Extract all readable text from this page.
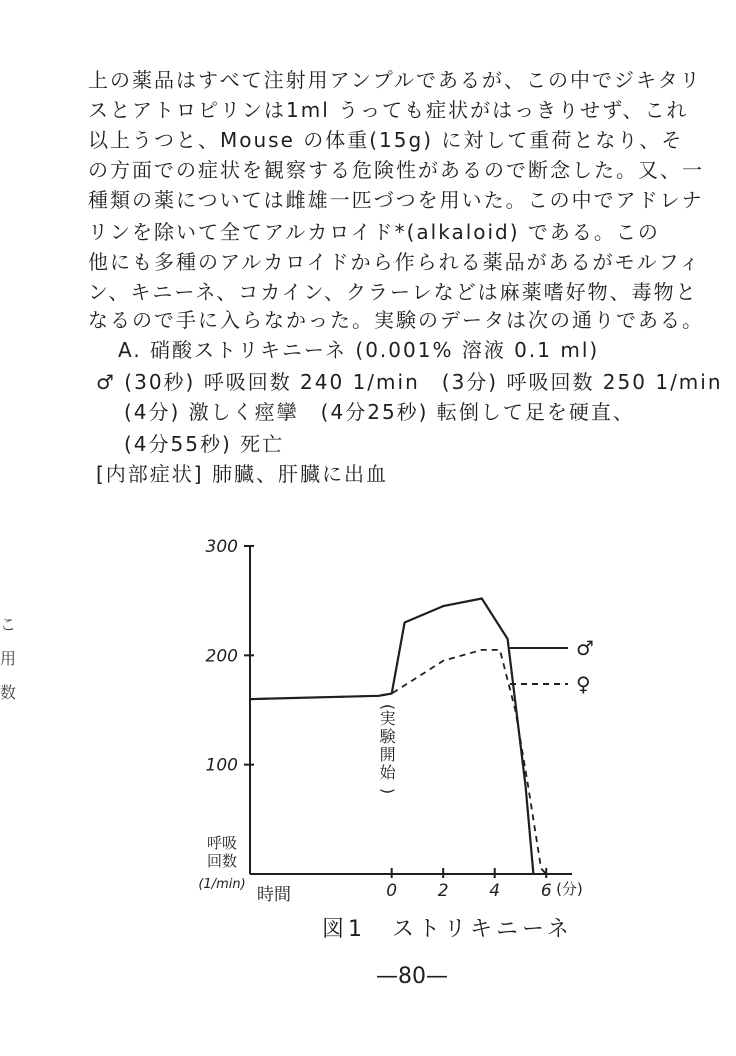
上の薬品はすべて注射用アンプルであるが、この中でジキタリ
スとアトロピリンは1ml うっても症状がはっきりせず、これ
以上うつと、Mouse の体重(15g) に対して重荷となり、そ
の方面での症状を観察する危険性があるので断念した。又、一
種類の薬については雌雄一匹づつを用いた。この中でアドレナ
リンを除いて全てアルカロイド*(alkaloid) である。この
他にも多種のアルカロイドから作られる薬品があるがモルフィ
ン、キニーネ、コカイン、クラーレなどは麻薬嗜好物、毒物と
なるので手に入らなかった。実験のデータは次の通りである。
A. 硝酸ストリキニーネ (0.001% 溶液 0.1 ml)
♂ (30秒) 呼吸回数 240 1/min　(3分) 呼吸回数 250 1/min
(4分) 激しく痙攣　(4分25秒) 転倒して足を硬直、
(4分55秒) 死亡
[内部症状] 肺臓、肝臓に出血
こ
用
数
100
200
300
0 2 4 6 (分)
時間
呼吸
回数
(1/min)
(
実
験
開
始
)
♂
♀
図1　ストリキニーネ
—80—
